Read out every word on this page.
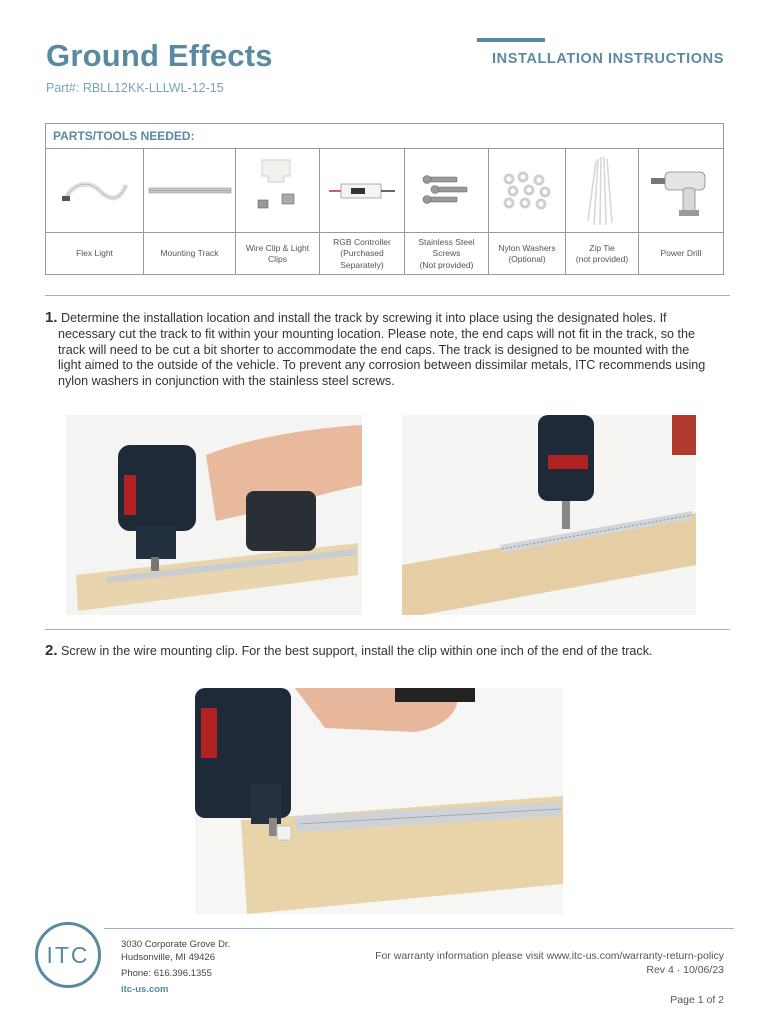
Ground Effects
Part#: RBLL12KK-LLLWL-12-15
INSTALLATION INSTRUCTIONS
PARTS/TOOLS NEEDED:
Flex Light	Mounting Track
Wire Clip & Light
Clips
RGB Controller
(Purchased
Separately)
Stainless Steel
Screws
(Not provided)
Nylon Washers
(Optional)
Zip Tie
(not provided)
Power Drill
1. Determine the installation location and install the track by screwing it into place using the designated holes. If necessary cut the track to fit within your mounting location. Please note, the end caps will not fit in the track, so the track will need to be cut a bit shorter to accommodate the end caps. The track is designed to be mounted with the light aimed to the outside of the vehicle. To prevent any corrosion between dissimilar metals, ITC recommends using nylon washers in conjunction with the stainless steel screws.
2. Screw in the wire mounting clip. For the best support, install the clip within one inch of the end of the track.
ITC	3030 Corporate Grove Dr.
Hudsonville, MI 49426
Phone: 616.396.1355
itc-us.com
For warranty information please visit www.itc-us.com/warranty-return-policy
Rev 4 · 10/06/23
Page 1 of 2
